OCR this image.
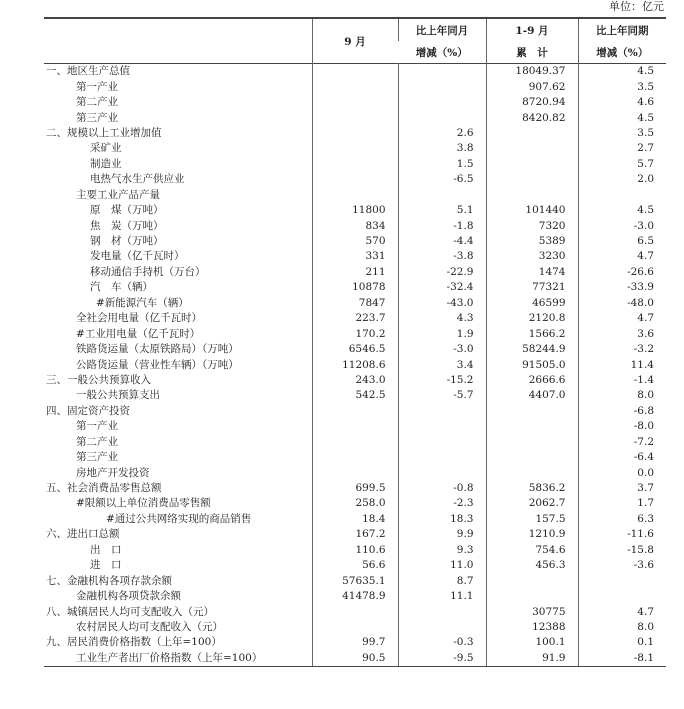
单位：亿元
	9 月	比上年同月	1-9 月	比上年同期
		增减（%）	累　计	增减（%）
一、地区生产总值			18049.37	4.5
第一产业			907.62	3.5
第二产业			8720.94	4.6
第三产业			8420.82	4.5
二、规模以上工业增加值		2.6		3.5
采矿业		3.8		2.7
制造业		1.5		5.7
电热气水生产供应业		-6.5		2.0
主要工业产品产量				
原　煤（万吨）	11800	5.1	101440	4.5
焦　炭（万吨）	834	-1.8	7320	-3.0
钢　材（万吨）	570	-4.4	5389	6.5
发电量（亿千瓦时）	331	-3.8	3230	4.7
移动通信手持机（万台）	211	-22.9	1474	-26.6
汽　车（辆）	10878	-32.4	77321	-33.9
#新能源汽车（辆）	7847	-43.0	46599	-48.0
全社会用电量（亿千瓦时）	223.7	4.3	2120.8	4.7
#工业用电量（亿千瓦时）	170.2	1.9	1566.2	3.6
铁路货运量（太原铁路局）（万吨）	6546.5	-3.0	58244.9	-3.2
公路货运量（营业性车辆）（万吨）	11208.6	3.4	91505.0	11.4
三、一般公共预算收入	243.0	-15.2	2666.6	-1.4
一般公共预算支出	542.5	-5.7	4407.0	8.0
四、固定资产投资				-6.8
第一产业				-8.0
第二产业				-7.2
第三产业				-6.4
房地产开发投资				0.0
五、社会消费品零售总额	699.5	-0.8	5836.2	3.7
#限额以上单位消费品零售额	258.0	-2.3	2062.7	1.7
#通过公共网络实现的商品销售	18.4	18.3	157.5	6.3
六、进出口总额	167.2	9.9	1210.9	-11.6
出　口	110.6	9.3	754.6	-15.8
进　口	56.6	11.0	456.3	-3.6
七、金融机构各项存款余额	57635.1	8.7		
金融机构各项贷款余额	41478.9	11.1		
八、城镇居民人均可支配收入（元）			30775	4.7
农村居民人均可支配收入（元）			12388	8.0
九、居民消费价格指数（上年=100）	99.7	-0.3	100.1	0.1
工业生产者出厂价格指数（上年=100）	90.5	-9.5	91.9	-8.1
